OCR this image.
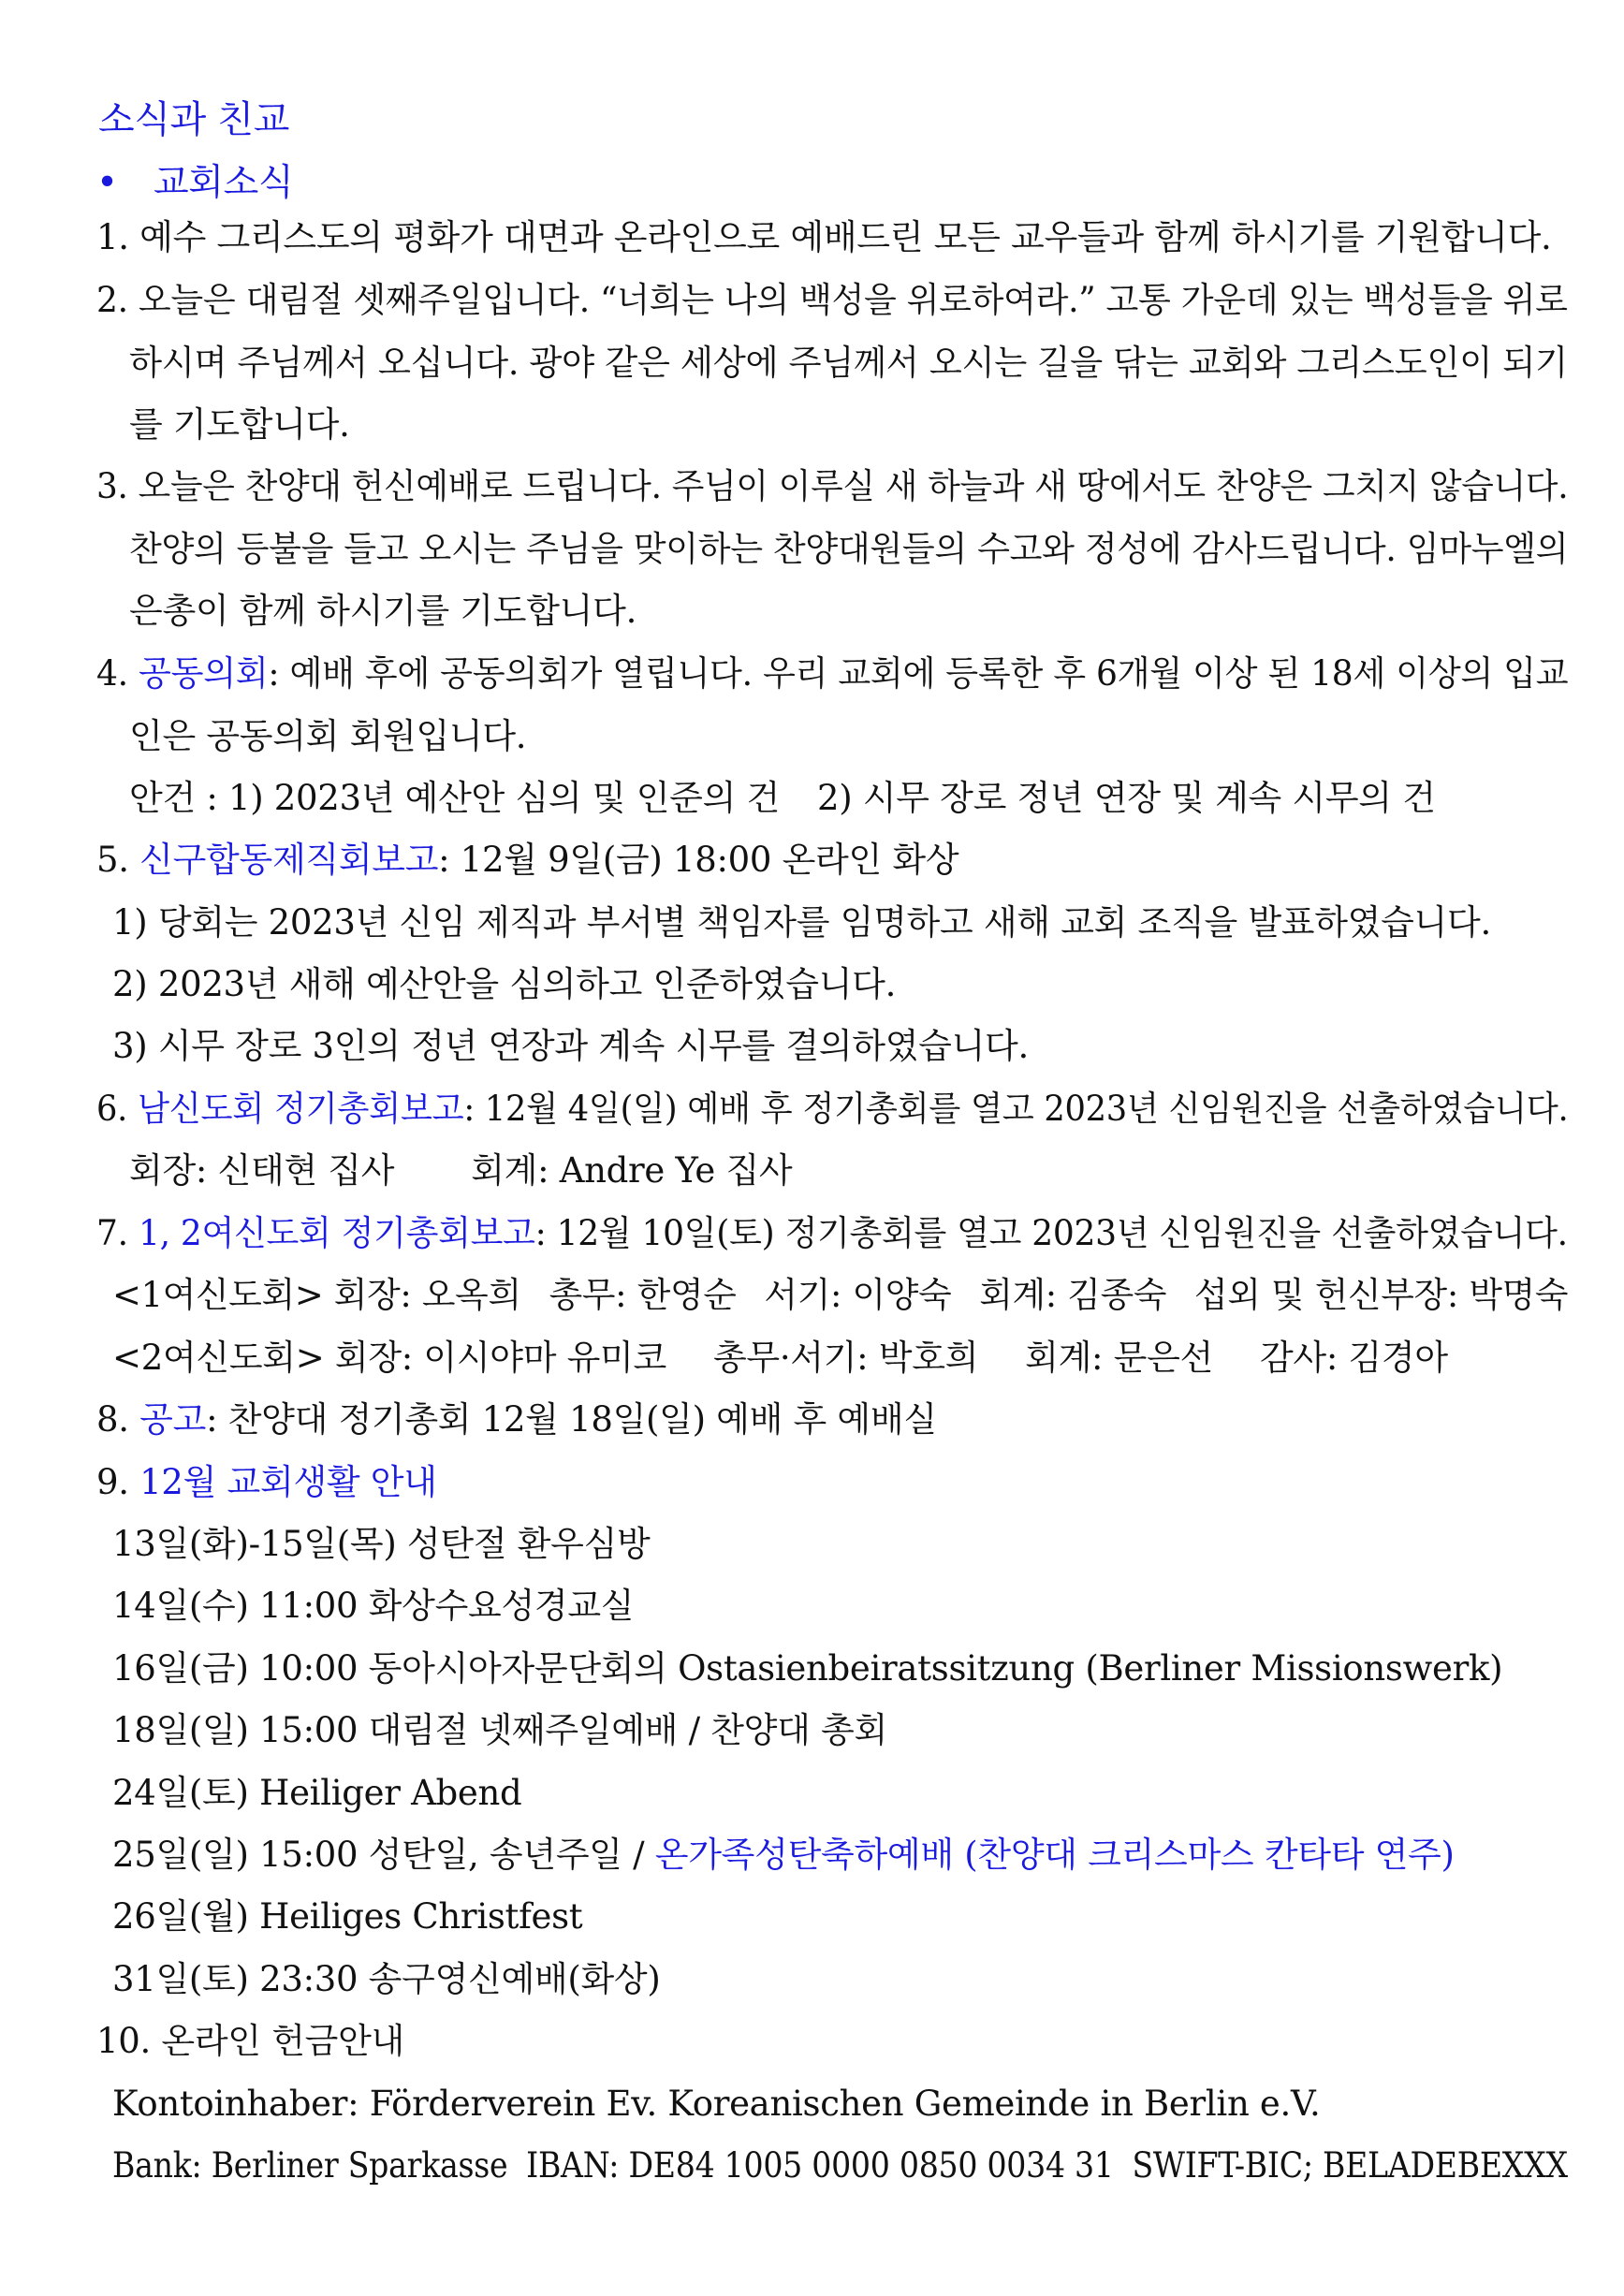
소식과 친교
• 교회소식
1. 예수 그리스도의 평화가 대면과 온라인으로 예배드린 모든 교우들과 함께 하시기를 기원합니다.
2. 오늘은 대림절 셋째주일입니다. “너희는 나의 백성을 위로하여라.” 고통 가운데 있는 백성들을 위로
하시며 주님께서 오십니다. 광야 같은 세상에 주님께서 오시는 길을 닦는 교회와 그리스도인이 되기
를 기도합니다.
3. 오늘은 찬양대 헌신예배로 드립니다. 주님이 이루실 새 하늘과 새 땅에서도 찬양은 그치지 않습니다.
찬양의 등불을 들고 오시는 주님을 맞이하는 찬양대원들의 수고와 정성에 감사드립니다. 임마누엘의
은총이 함께 하시기를 기도합니다.
4. 공동의회: 예배 후에 공동의회가 열립니다. 우리 교회에 등록한 후 6개월 이상 된 18세 이상의 입교
인은 공동의회 회원입니다.
안건 : 1) 2023년 예산안 심의 및 인준의 건 2) 시무 장로 정년 연장 및 계속 시무의 건
5. 신구합동제직회보고: 12월 9일(금) 18:00 온라인 화상
1) 당회는 2023년 신임 제직과 부서별 책임자를 임명하고 새해 교회 조직을 발표하였습니다.
2) 2023년 새해 예산안을 심의하고 인준하였습니다.
3) 시무 장로 3인의 정년 연장과 계속 시무를 결의하였습니다.
6. 남신도회 정기총회보고: 12월 4일(일) 예배 후 정기총회를 열고 2023년 신임원진을 선출하였습니다.
회장: 신태현 집사 회계: Andre Ye 집사
7. 1, 2여신도회 정기총회보고: 12월 10일(토) 정기총회를 열고 2023년 신임원진을 선출하였습니다.
<1여신도회> 회장: 오옥희 총무: 한영순 서기: 이양숙 회계: 김종숙 섭외 및 헌신부장: 박명숙
<2여신도회> 회장: 이시야마 유미코 총무·서기: 박호희 회계: 문은선 감사: 김경아
8. 공고: 찬양대 정기총회 12월 18일(일) 예배 후 예배실
9. 12월 교회생활 안내
13일(화)-15일(목) 성탄절 환우심방
14일(수) 11:00 화상수요성경교실
16일(금) 10:00 동아시아자문단회의 Ostasienbeiratssitzung (Berliner Missionswerk)
18일(일) 15:00 대림절 넷째주일예배 / 찬양대 총회
24일(토) Heiliger Abend
25일(일) 15:00 성탄일, 송년주일 / 온가족성탄축하예배 (찬양대 크리스마스 칸타타 연주)
26일(월) Heiliges Christfest
31일(토) 23:30 송구영신예배(화상)
10. 온라인 헌금안내
Kontoinhaber: Förderverein Ev. Koreanischen Gemeinde in Berlin e.V.
Bank: Berliner Sparkasse IBAN: DE84 1005 0000 0850 0034 31 SWIFT-BIC; BELADEBEXXX
